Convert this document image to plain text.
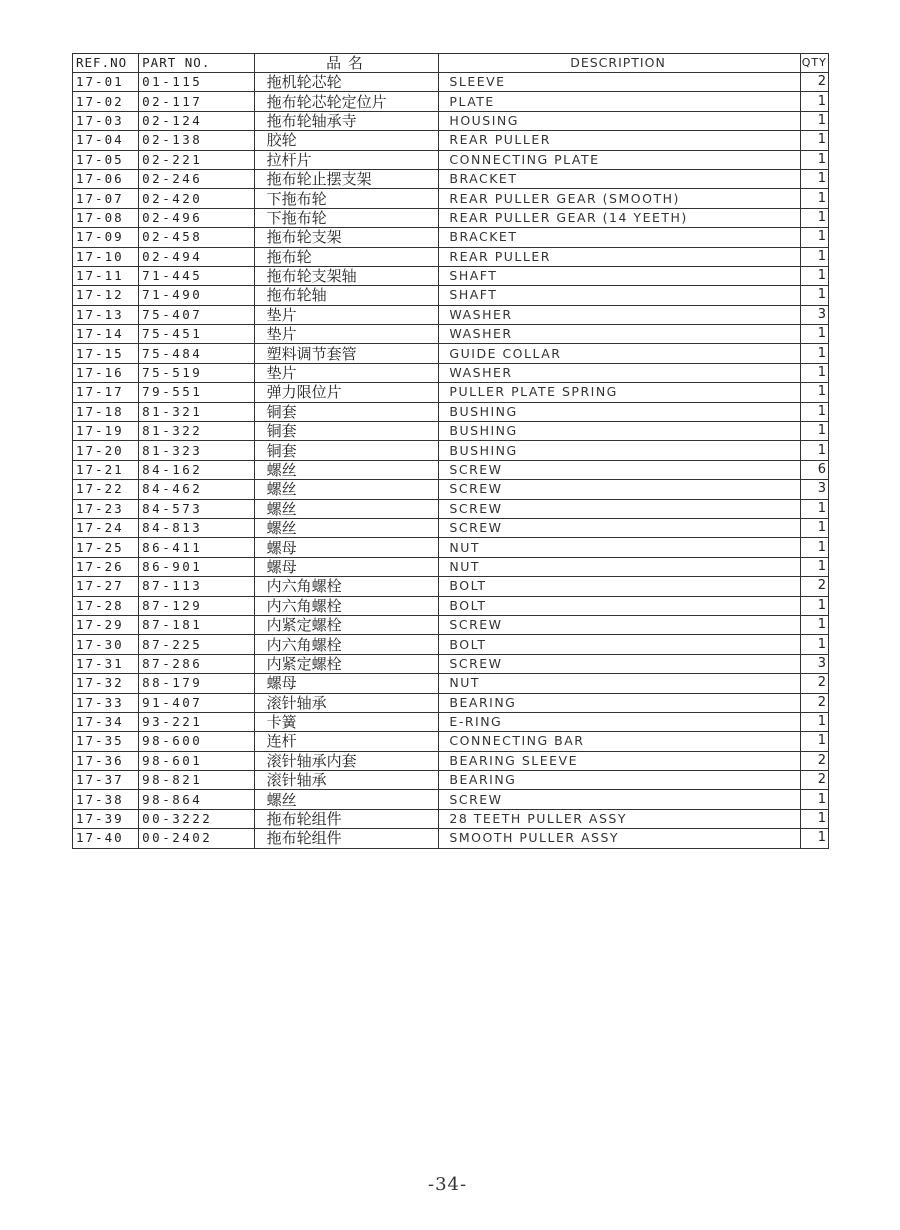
REF.NO	PART NO.	品 名	DESCRIPTION	QTY
17-01	01-115	拖机轮芯轮	SLEEVE	2
17-02	02-117	拖布轮芯轮定位片	PLATE	1
17-03	02-124	拖布轮轴承寺	HOUSING	1
17-04	02-138	胶轮	REAR PULLER	1
17-05	02-221	拉杆片	CONNECTING PLATE	1
17-06	02-246	拖布轮止摆支架	BRACKET	1
17-07	02-420	下拖布轮	REAR PULLER GEAR (SMOOTH)	1
17-08	02-496	下拖布轮	REAR PULLER GEAR (14 YEETH)	1
17-09	02-458	拖布轮支架	BRACKET	1
17-10	02-494	拖布轮	REAR PULLER	1
17-11	71-445	拖布轮支架轴	SHAFT	1
17-12	71-490	拖布轮轴	SHAFT	1
17-13	75-407	垫片	WASHER	3
17-14	75-451	垫片	WASHER	1
17-15	75-484	塑料调节套管	GUIDE COLLAR	1
17-16	75-519	垫片	WASHER	1
17-17	79-551	弹力限位片	PULLER PLATE SPRING	1
17-18	81-321	铜套	BUSHING	1
17-19	81-322	铜套	BUSHING	1
17-20	81-323	铜套	BUSHING	1
17-21	84-162	螺丝	SCREW	6
17-22	84-462	螺丝	SCREW	3
17-23	84-573	螺丝	SCREW	1
17-24	84-813	螺丝	SCREW	1
17-25	86-411	螺母	NUT	1
17-26	86-901	螺母	NUT	1
17-27	87-113	内六角螺栓	BOLT	2
17-28	87-129	内六角螺栓	BOLT	1
17-29	87-181	内紧定螺栓	SCREW	1
17-30	87-225	内六角螺栓	BOLT	1
17-31	87-286	内紧定螺栓	SCREW	3
17-32	88-179	螺母	NUT	2
17-33	91-407	滚针轴承	BEARING	2
17-34	93-221	卡簧	E-RING	1
17-35	98-600	连杆	CONNECTING BAR	1
17-36	98-601	滚针轴承内套	BEARING SLEEVE	2
17-37	98-821	滚针轴承	BEARING	2
17-38	98-864	螺丝	SCREW	1
17-39	00-3222	拖布轮组件	28 TEETH PULLER ASSY	1
17-40	00-2402	拖布轮组件	SMOOTH PULLER ASSY	1
-34-
